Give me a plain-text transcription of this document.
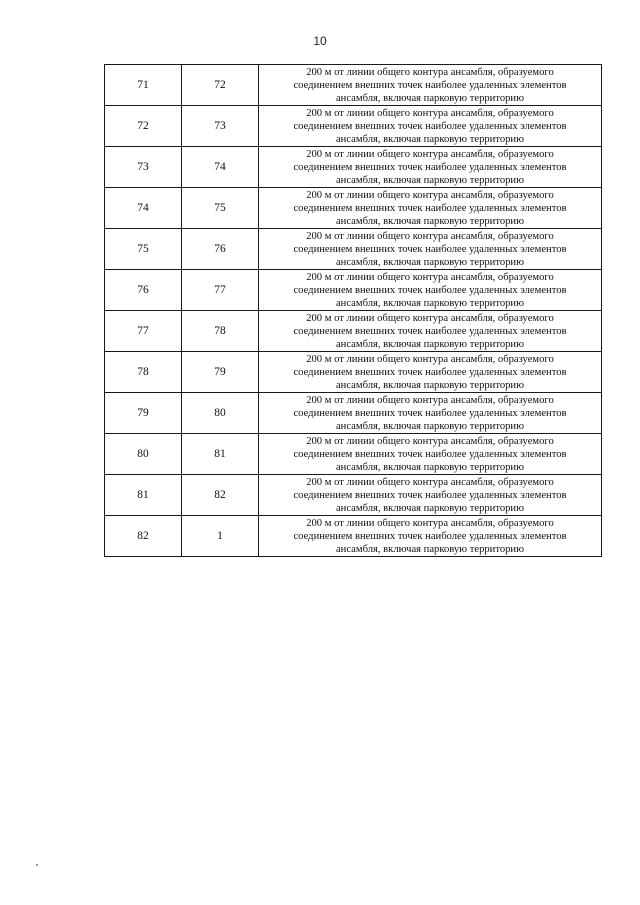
10
71	72	200 м от линии общего контура ансамбля, образуемого
соединением внешних точек наиболее удаленных элементов
ансамбля, включая парковую территорию

72	73	200 м от линии общего контура ансамбля, образуемого
соединением внешних точек наиболее удаленных элементов
ансамбля, включая парковую территорию

73	74	200 м от линии общего контура ансамбля, образуемого
соединением внешних точек наиболее удаленных элементов
ансамбля, включая парковую территорию

74	75	200 м от линии общего контура ансамбля, образуемого
соединением внешних точек наиболее удаленных элементов
ансамбля, включая парковую территорию

75	76	200 м от линии общего контура ансамбля, образуемого
соединением внешних точек наиболее удаленных элементов
ансамбля, включая парковую территорию

76	77	200 м от линии общего контура ансамбля, образуемого
соединением внешних точек наиболее удаленных элементов
ансамбля, включая парковую территорию

77	78	200 м от линии общего контура ансамбля, образуемого
соединением внешних точек наиболее удаленных элементов
ансамбля, включая парковую территорию

78	79	200 м от линии общего контура ансамбля, образуемого
соединением внешних точек наиболее удаленных элементов
ансамбля, включая парковую территорию

79	80	200 м от линии общего контура ансамбля, образуемого
соединением внешних точек наиболее удаленных элементов
ансамбля, включая парковую территорию

80	81	200 м от линии общего контура ансамбля, образуемого
соединением внешних точек наиболее удаленных элементов
ансамбля, включая парковую территорию

81	82	200 м от линии общего контура ансамбля, образуемого
соединением внешних точек наиболее удаленных элементов
ансамбля, включая парковую территорию

82	1	200 м от линии общего контура ансамбля, образуемого
соединением внешних точек наиболее удаленных элементов
ансамбля, включая парковую территорию
